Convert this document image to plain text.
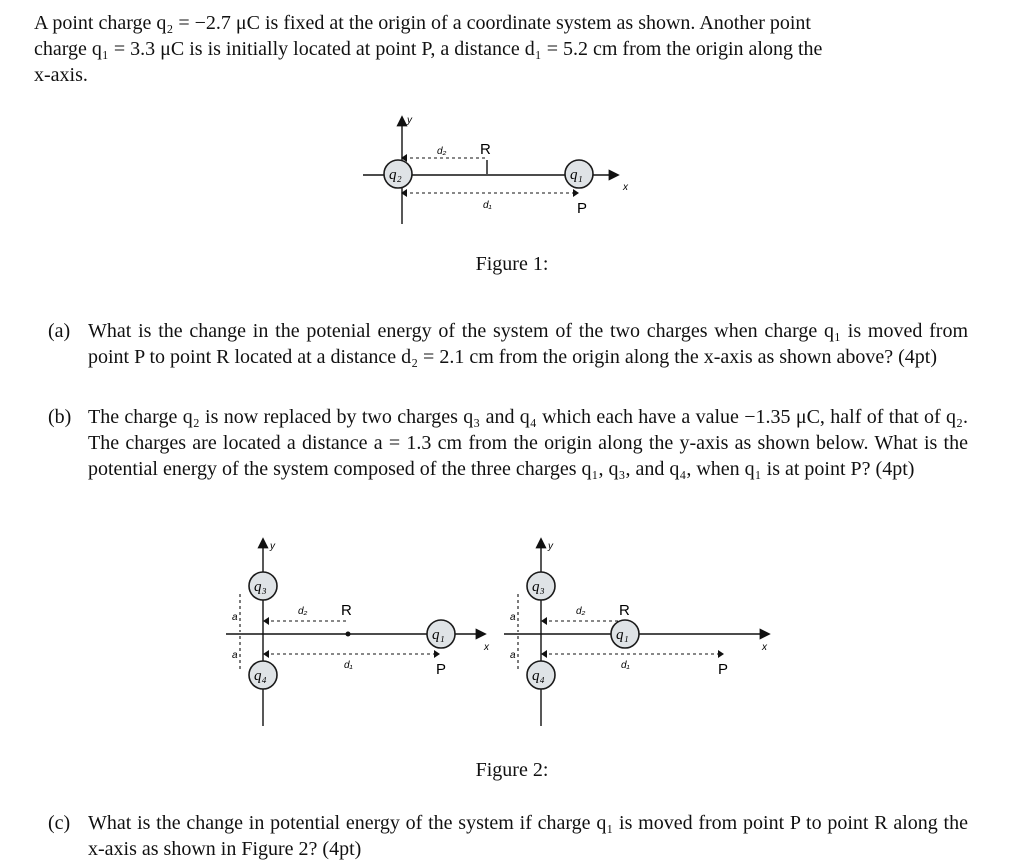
A point charge q₂ = −2.7 μC is fixed at the origin of a coordinate system as shown. Another point
charge q₁ = 3.3 μC is is initially located at point P, a distance d₁ = 5.2 cm from the origin along the
x-axis.
y
x
d₂ R
d₁	P
q₂	q₁
Figure 1:
(a) What is the change in the potenial energy of the system of the two charges when charge q₁ is moved from point P to point R located at a distance d₂ = 2.1 cm from the origin along the x-axis as shown above? (4pt)
(b) The charge q₂ is now replaced by two charges q₃ and q₄ which each have a value −1.35 μC, half of that of q₂. The charges are located a distance a = 1.3 cm from the origin along the y-axis as shown below. What is the potential energy of the system composed of the three charges q₁, q₃, and q₄, when q₁ is at point P? (4pt)
y
x
a
a
d₂ R
d₁	P
q₃
q₄
q₁
y
x
a
a
d₂ R
d₁	P
q₃
q₄
q₁
Figure 2:
(c) What is the change in potential energy of the system if charge q₁ is moved from point P to point R along the x-axis as shown in Figure 2? (4pt)
